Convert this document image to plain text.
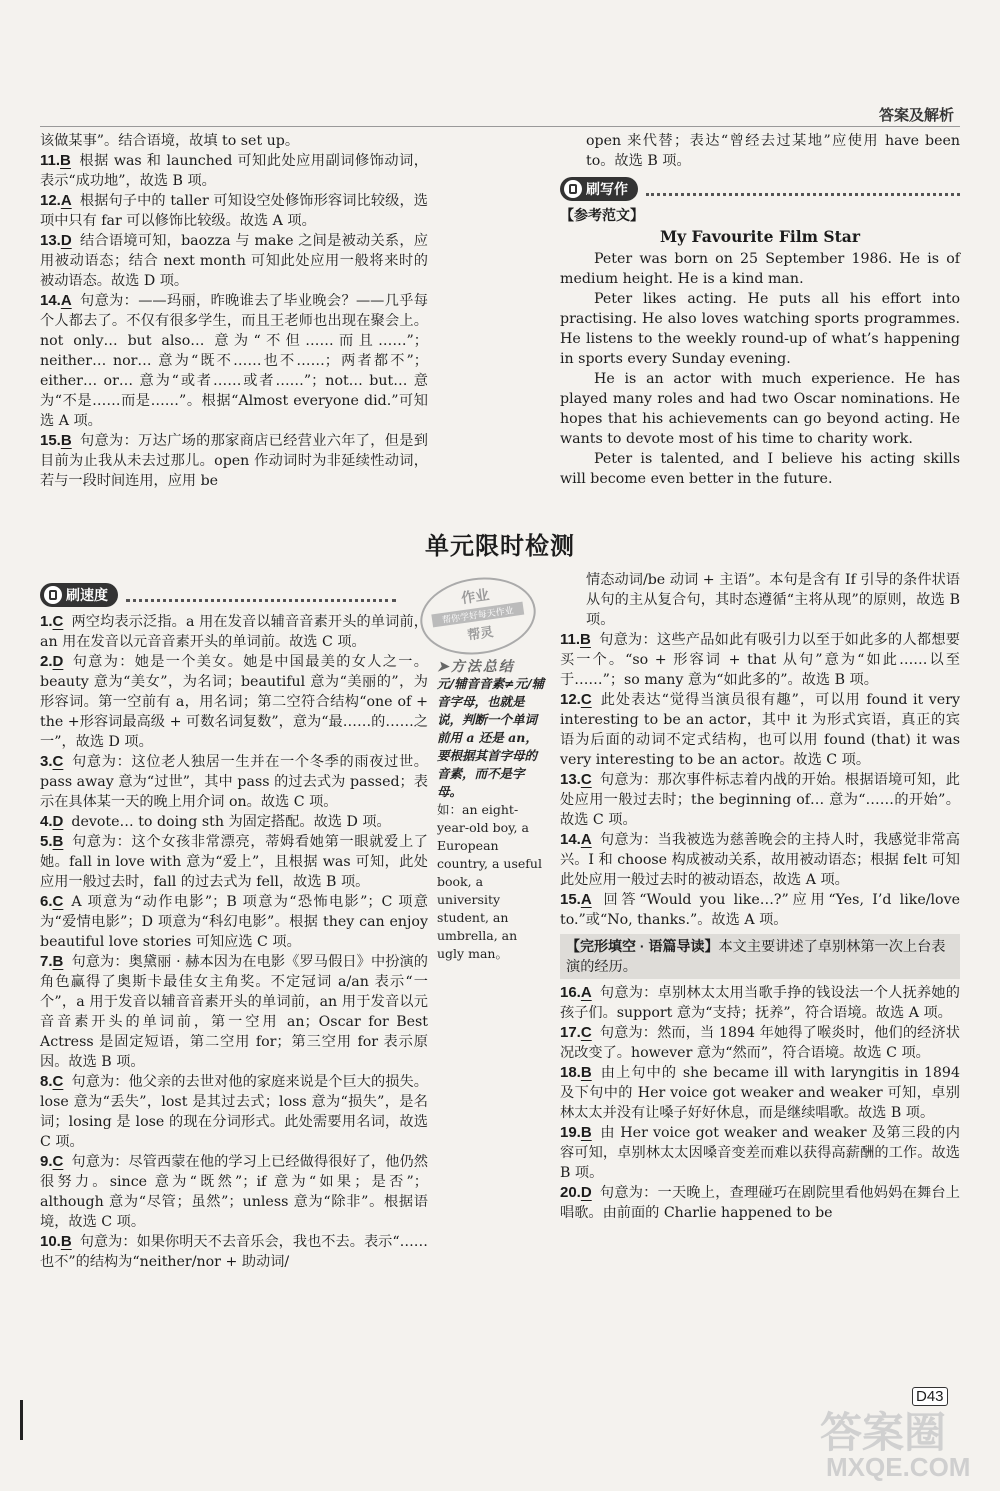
答案及解析
该做某事”。结合语境，故填 to set up。
11.B 根据 was 和 launched 可知此处应用副词修饰动词，表示“成功地”，故选 B 项。
12.A 根据句子中的 taller 可知设空处修饰形容词比较级，选项中只有 far 可以修饰比较级。故选 A 项。
13.D 结合语境可知，baozza 与 make 之间是被动关系，应用被动语态；结合 next month 可知此处应用一般将来时的被动语态。故选 D 项。
14.A 句意为：——玛丽，昨晚谁去了毕业晚会？——几乎每个人都去了。不仅有很多学生，而且王老师也出现在聚会上。not only… but also… 意为“不但……而且……”；neither… nor… 意为“既不……也不……；两者都不”；either… or… 意为“或者……或者……”；not… but… 意为“不是……而是……”。根据“Almost everyone did.”可知选 A 项。
15.B 句意为：万达广场的那家商店已经营业六年了，但是到目前为止我从未去过那儿。open 作动词时为非延续性动词，若与一段时间连用，应用 be
open 来代替；表达“曾经去过某地”应使用 have been to。故选 B 项。
刷写作
【参考范文】
My Favourite Film Star

Peter was born on 25 September 1986. He is of medium height. He is a kind man.

Peter likes acting. He puts all his effort into practising. He also loves watching sports programmes. He listens to the weekly round-up of what’s happening in sports every Sunday evening.

He is an actor with much experience. He has played many roles and had two Oscar nominations. He hopes that his achievements can go beyond acting. He wants to devote most of his time to charity work.

Peter is talented, and I believe his acting skills will become even better in the future.

单元限时检测
刷速度	作业
帮你学好每天作业
帮灵
1.C 两空均表示泛指。a 用在发音以辅音音素开头的单词前，an 用在发音以元音音素开头的单词前。故选 C 项。
2.D 句意为：她是一个美女。她是中国最美的女人之一。beauty 意为“美女”，为名词；beautiful 意为“美丽的”，为形容词。第一空前有 a，用名词；第二空符合结构“one of + the +形容词最高级 + 可数名词复数”，意为“最……的……之一”，故选 D 项。
3.C 句意为：这位老人独居一生并在一个冬季的雨夜过世。pass away 意为“过世”，其中 pass 的过去式为 passed；表示在具体某一天的晚上用介词 on。故选 C 项。
4.D devote… to doing sth 为固定搭配。故选 D 项。
5.B 句意为：这个女孩非常漂亮，蒂姆看她第一眼就爱上了她。fall in love with 意为“爱上”，且根据 was 可知，此处应用一般过去时，fall 的过去式为 fell，故选 B 项。
6.C A 项意为“动作电影”；B 项意为“恐怖电影”；C 项意为“爱情电影”；D 项意为“科幻电影”。根据 they can enjoy beautiful love stories 可知应选 C 项。
7.B 句意为：奥黛丽 · 赫本因为在电影《罗马假日》中扮演的角色赢得了奥斯卡最佳女主角奖。不定冠词 a/an 表示“一个”，a 用于发音以辅音音素开头的单词前，an 用于发音以元音音素开头的单词前，第一空用 an；Oscar for Best Actress 是固定短语，第二空用 for；第三空用 for 表示原因。故选 B 项。
8.C 句意为：他父亲的去世对他的家庭来说是个巨大的损失。lose 意为“丢失”，lost 是其过去式；loss 意为“损失”，是名词；losing 是 lose 的现在分词形式。此处需要用名词，故选 C 项。
9.C 句意为：尽管西蒙在他的学习上已经做得很好了，他仍然很努力。since 意为“既然”；if 意为“如果；是否”；although 意为“尽管；虽然”；unless 意为“除非”。根据语境，故选 C 项。
10.B 句意为：如果你明天不去音乐会，我也不去。表示“……也不”的结构为“neither/nor + 助动词/
➤方法总结
元/辅音音素≠元/辅音字母，也就是说，判断一个单词前用 a 还是 an，要根据其首字母的音素，而不是字母。
如：an eight-year-old boy, a European country, a useful book, a university student, an umbrella, an ugly man。
情态动词/be 动词 + 主语”。本句是含有 If 引导的条件状语从句的主从复合句，其时态遵循“主将从现”的原则，故选 B 项。
11.B 句意为：这些产品如此有吸引力以至于如此多的人都想要买一个。“so + 形容词 + that 从句”意为“如此……以至于……”；so many 意为“如此多的”。故选 B 项。
12.C 此处表达“觉得当演员很有趣”，可以用 found it very interesting to be an actor，其中 it 为形式宾语，真正的宾语为后面的动词不定式结构，也可以用 found (that) it was very interesting to be an actor。故选 C 项。
13.C 句意为：那次事件标志着内战的开始。根据语境可知，此处应用一般过去时；the beginning of… 意为“……的开始”。故选 C 项。
14.A 句意为：当我被选为慈善晚会的主持人时，我感觉非常高兴。I 和 choose 构成被动关系，故用被动语态；根据 felt 可知此处应用一般过去时的被动语态，故选 A 项。
15.A 回答“Would you like…?”应用“Yes, I’d like/love to.”或“No, thanks.”。故选 A 项。
【完形填空 · 语篇导读】本文主要讲述了卓别林第一次上台表演的经历。
16.A 句意为：卓别林太太用当歌手挣的钱设法一个人抚养她的孩子们。support 意为“支持；抚养”，符合语境。故选 A 项。
17.C 句意为：然而，当 1894 年她得了喉炎时，他们的经济状况改变了。however 意为“然而”，符合语境。故选 C 项。
18.B 由上句中的 she became ill with laryngitis in 1894 及下句中的 Her voice got weaker and weaker 可知，卓别林太太并没有让嗓子好好休息，而是继续唱歌。故选 B 项。
19.B 由 Her voice got weaker and weaker 及第三段的内容可知，卓别林太太因嗓音变差而难以获得高薪酬的工作。故选 B 项。
20.D 句意为：一天晚上，查理碰巧在剧院里看他妈妈在舞台上唱歌。由前面的 Charlie happened to be
D43
答案圈
MXQE.COM
